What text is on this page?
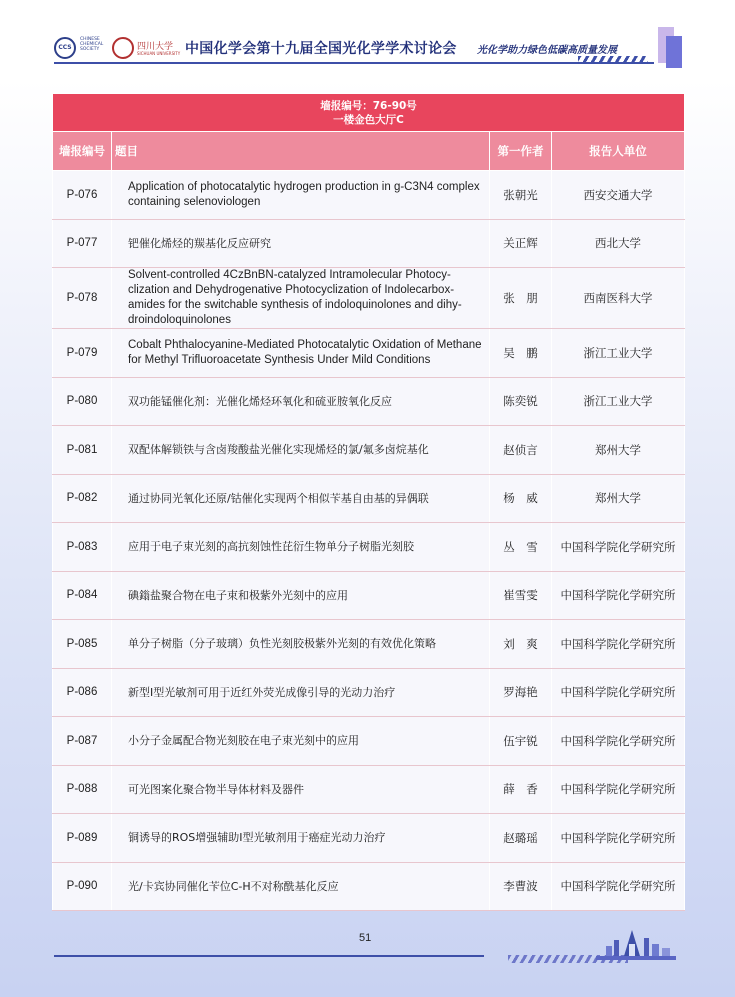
CCS
CHINESE CHEMICAL SOCIETY	四川大学
SICHUAN UNIVERSITY 中国化学会第十九届全国光化学学术讨论会 光化学助力绿色低碳高质量发展
墙报编号：76-90号
一楼金色大厅C			

墙报编号	题目	第一作者	报告人单位
P-076	Application of photocatalytic hydrogen production in g-C3N4 complex containing selenoviologen	张朝光	西安交通大学
P-077	钯催化烯烃的羰基化反应研究	关正辉	西北大学
P-078	Solvent-controlled 4CzBnBN-catalyzed Intramolecular Photocy-clization and Dehydrogenative Photocyclization of Indolecarbox-amides for the switchable synthesis of indoloquinolones and dihy-droindoloquinolones	张　朋	西南医科大学
P-079	Cobalt Phthalocyanine-Mediated Photocatalytic Oxidation of Methane for Methyl Trifluoroacetate Synthesis Under Mild Conditions	吴　鹏	浙江工业大学
P-080	双功能锰催化剂：光催化烯烃环氧化和硫亚胺氧化反应	陈奕锐	浙江工业大学
P-081	双配体解锁铁与含卤羧酸盐光催化实现烯烃的氯/氟多卤烷基化	赵侦言	郑州大学
P-082	通过协同光氧化还原/钴催化实现两个相似苄基自由基的异偶联	杨　威	郑州大学
P-083	应用于电子束光刻的高抗刻蚀性芘衍生物单分子树脂光刻胶	丛　雪	中国科学院化学研究所
P-084	碘鎓盐聚合物在电子束和极紫外光刻中的应用	崔雪雯	中国科学院化学研究所
P-085	单分子树脂（分子玻璃）负性光刻胶极紫外光刻的有效优化策略	刘　爽	中国科学院化学研究所
P-086	新型I型光敏剂可用于近红外荧光成像引导的光动力治疗	罗海艳	中国科学院化学研究所
P-087	小分子金属配合物光刻胶在电子束光刻中的应用	伍宇锐	中国科学院化学研究所
P-088	可光图案化聚合物半导体材料及器件	薛　香	中国科学院化学研究所
P-089	铜诱导的ROS增强辅助I型光敏剂用于癌症光动力治疗	赵璐瑶	中国科学院化学研究所
P-090	光/卡宾协同催化苄位C-H不对称酰基化反应	李曹波	中国科学院化学研究所
51
